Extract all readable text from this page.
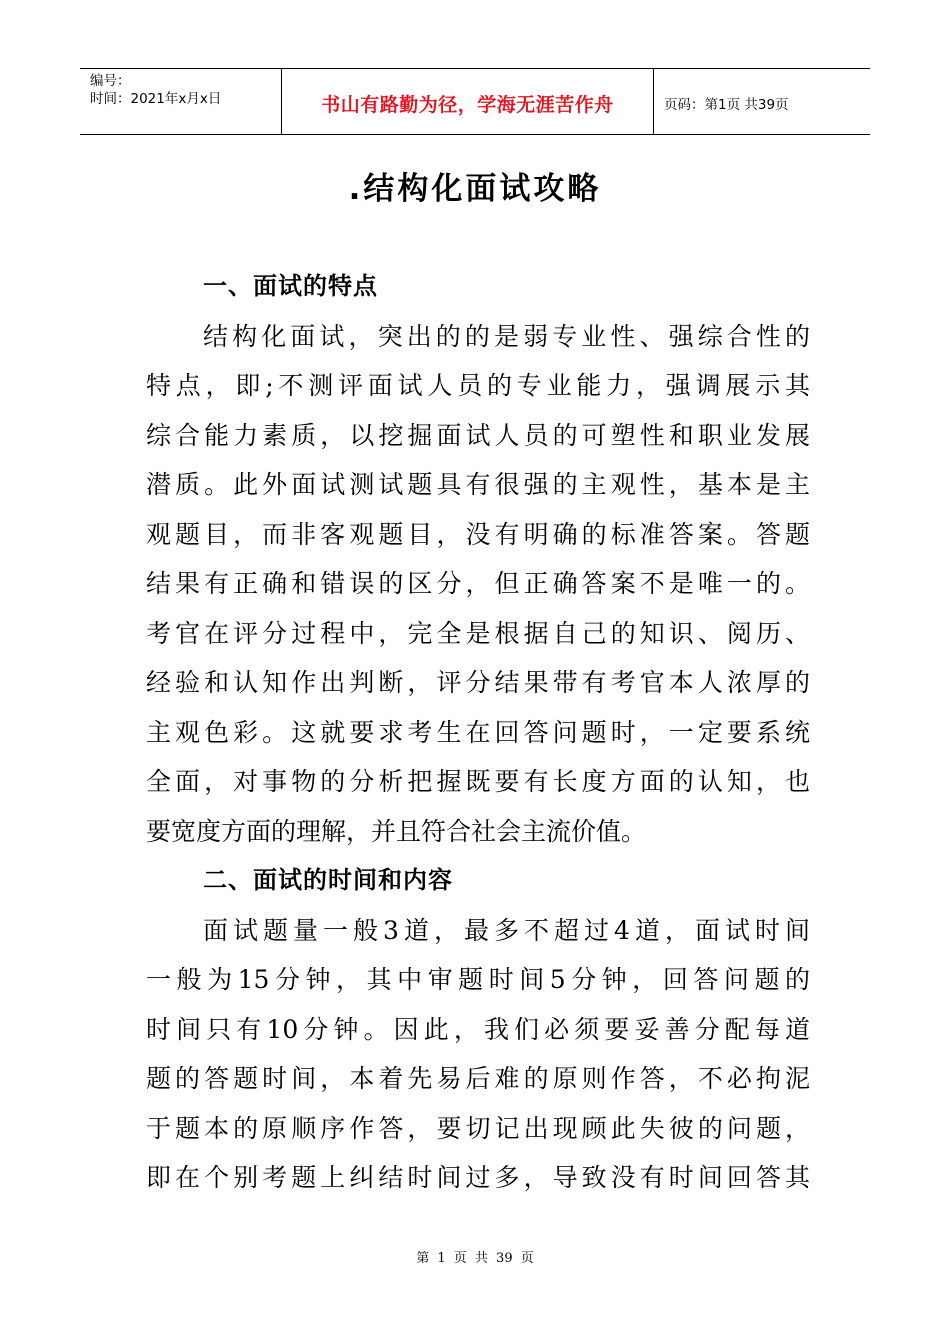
编号：
时间：2021年x月x日	书山有路勤为径，学海无涯苦作舟	页码：第1页 共39页
.结构化面试攻略
一、面试的特点
结构化面试，突出的的是弱专业性、强综合性的
特点，即;不测评面试人员的专业能力，强调展示其
综合能力素质，以挖掘面试人员的可塑性和职业发展
潜质。此外面试测试题具有很强的主观性，基本是主
观题目，而非客观题目，没有明确的标准答案。答题
结果有正确和错误的区分，但正确答案不是唯一的。
考官在评分过程中，完全是根据自己的知识、阅历、
经验和认知作出判断，评分结果带有考官本人浓厚的
主观色彩。这就要求考生在回答问题时，一定要系统
全面，对事物的分析把握既要有长度方面的认知，也
要宽度方面的理解，并且符合社会主流价值。
二、面试的时间和内容
面试题量一般3道，最多不超过4道，面试时间
一般为15分钟，其中审题时间5分钟，回答问题的
时间只有10分钟。因此，我们必须要妥善分配每道
题的答题时间，本着先易后难的原则作答，不必拘泥
于题本的原顺序作答，要切记出现顾此失彼的问题，
即在个别考题上纠结时间过多，导致没有时间回答其
第 1 页 共 39 页
